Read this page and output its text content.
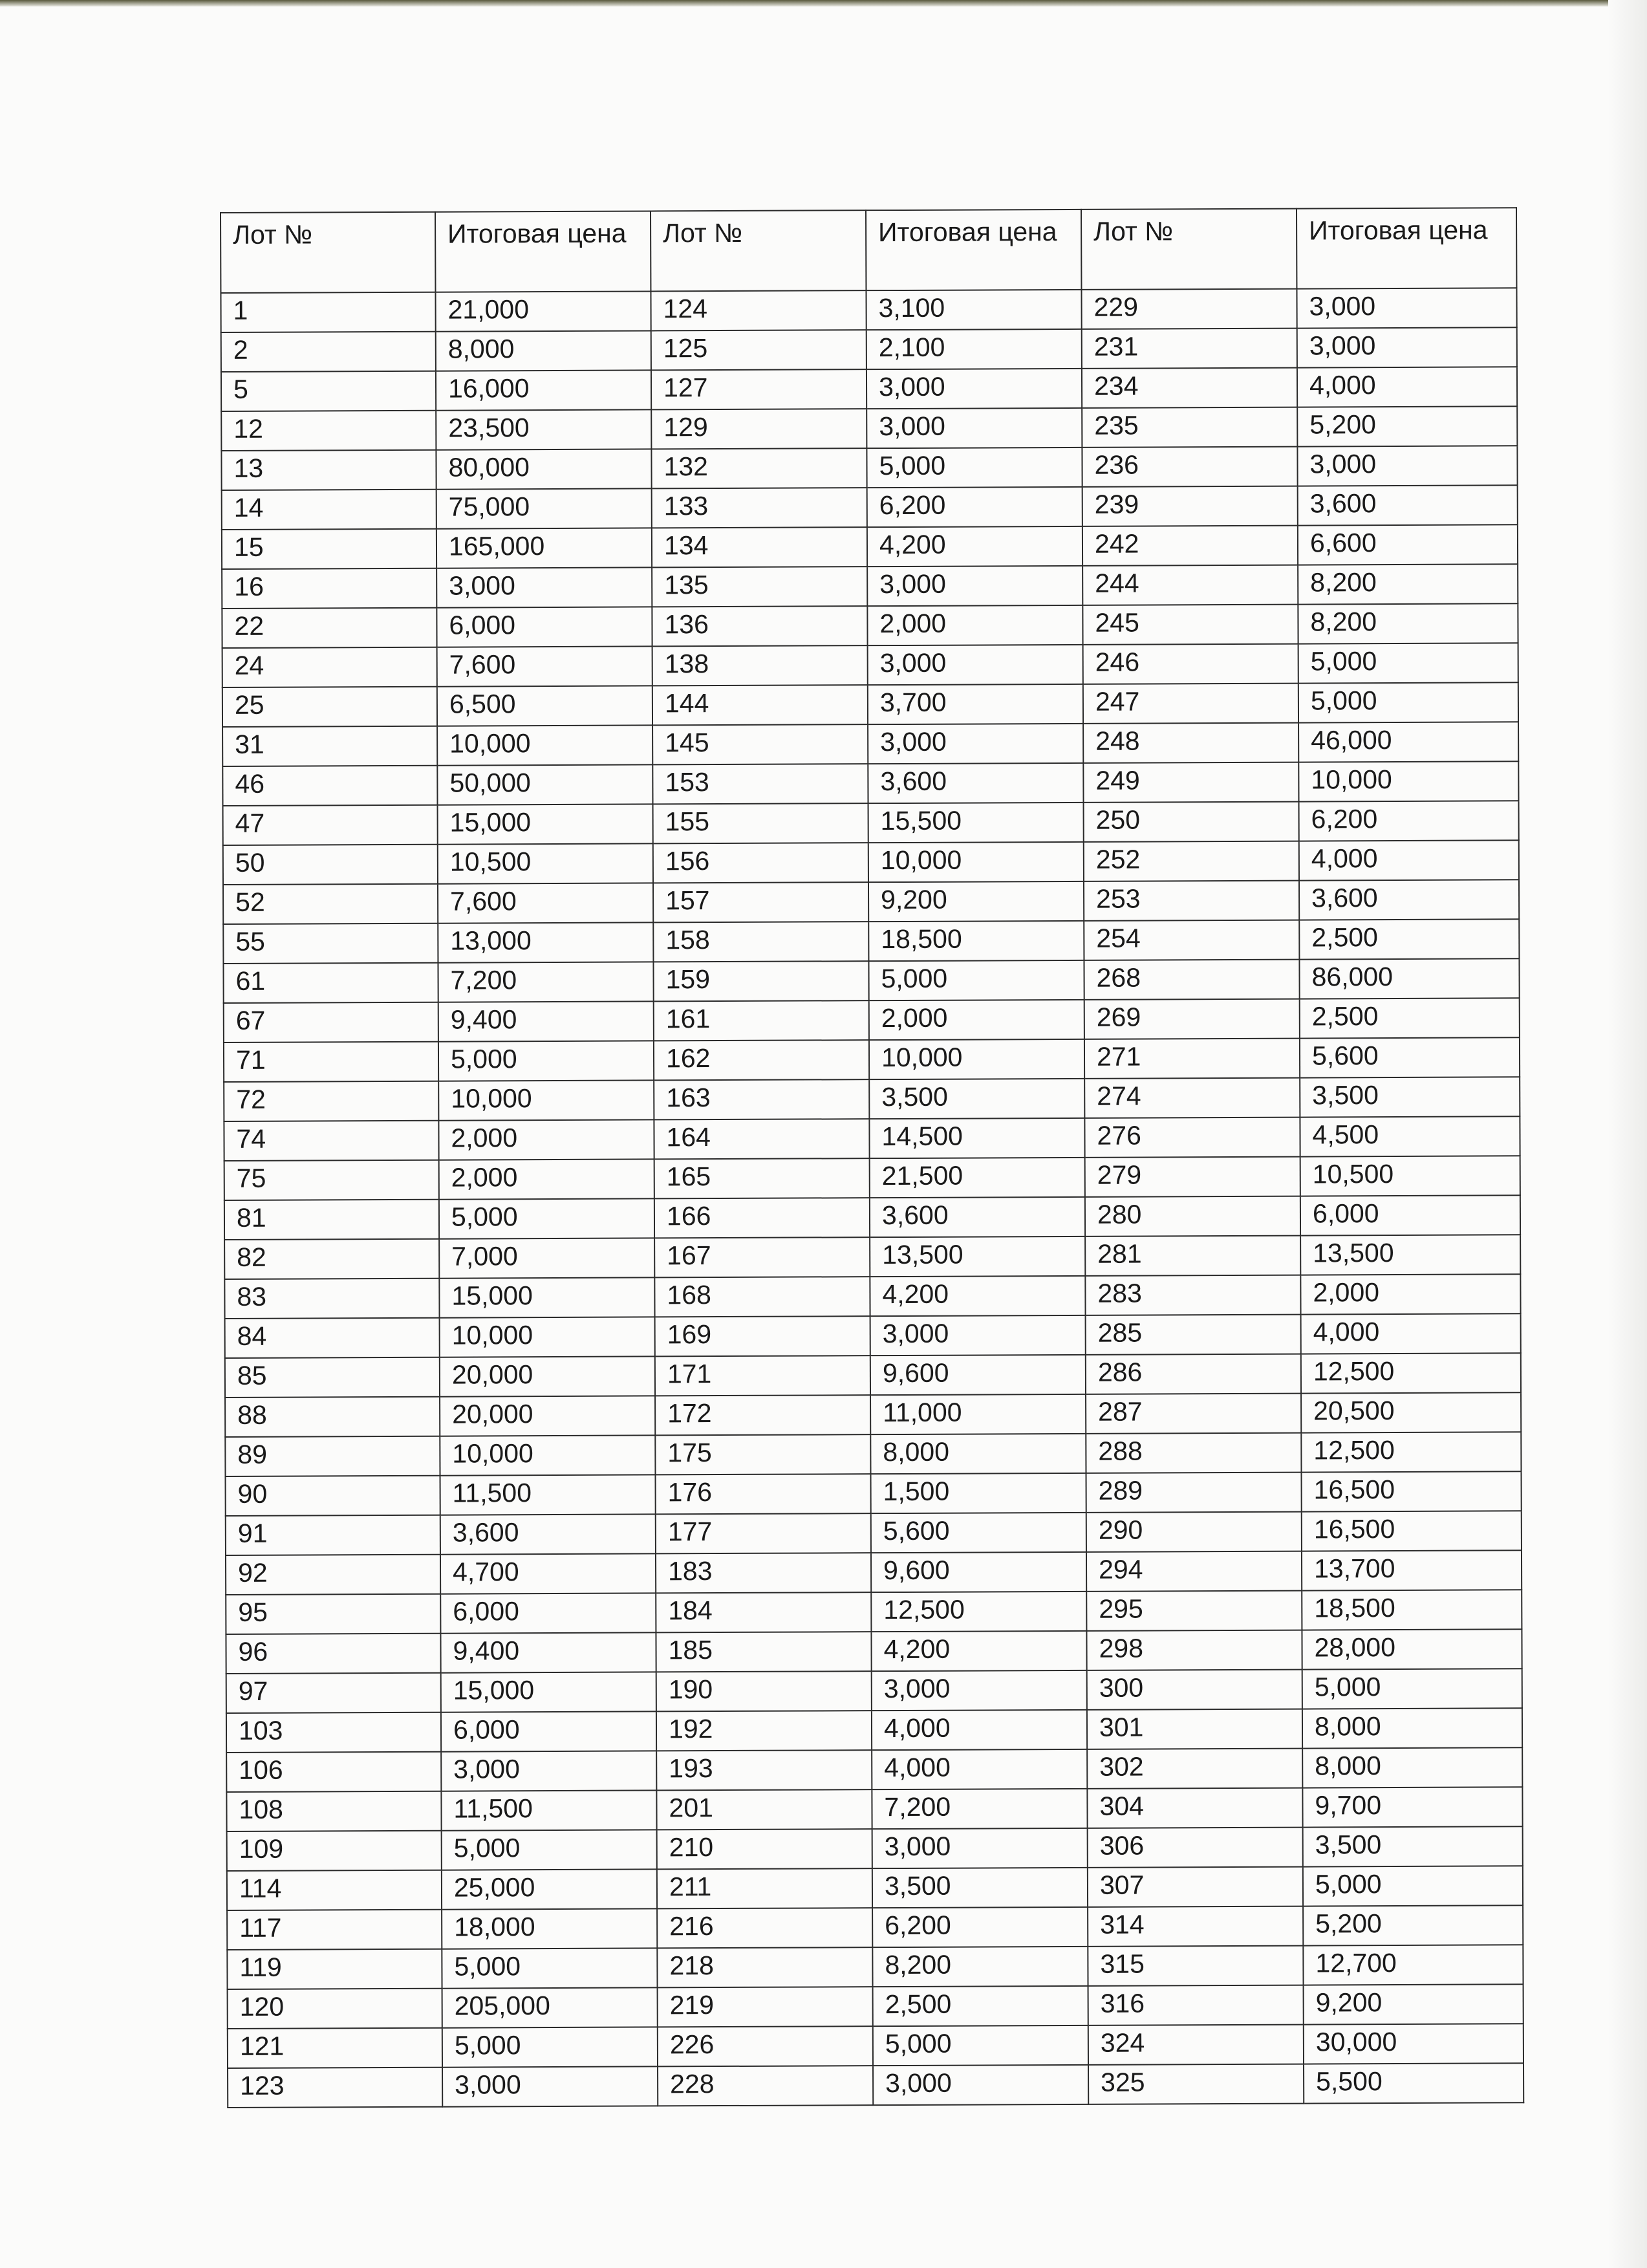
Лот №	Итоговая цена	Лот №	Итоговая цена	Лот №	Итоговая цена

1	21,000	124	3,100	229	3,000
2	8,000	125	2,100	231	3,000
5	16,000	127	3,000	234	4,000
12	23,500	129	3,000	235	5,200
13	80,000	132	5,000	236	3,000
14	75,000	133	6,200	239	3,600
15	165,000	134	4,200	242	6,600
16	3,000	135	3,000	244	8,200
22	6,000	136	2,000	245	8,200
24	7,600	138	3,000	246	5,000
25	6,500	144	3,700	247	5,000
31	10,000	145	3,000	248	46,000
46	50,000	153	3,600	249	10,000
47	15,000	155	15,500	250	6,200
50	10,500	156	10,000	252	4,000
52	7,600	157	9,200	253	3,600
55	13,000	158	18,500	254	2,500
61	7,200	159	5,000	268	86,000
67	9,400	161	2,000	269	2,500
71	5,000	162	10,000	271	5,600
72	10,000	163	3,500	274	3,500
74	2,000	164	14,500	276	4,500
75	2,000	165	21,500	279	10,500
81	5,000	166	3,600	280	6,000
82	7,000	167	13,500	281	13,500
83	15,000	168	4,200	283	2,000
84	10,000	169	3,000	285	4,000
85	20,000	171	9,600	286	12,500
88	20,000	172	11,000	287	20,500
89	10,000	175	8,000	288	12,500
90	11,500	176	1,500	289	16,500
91	3,600	177	5,600	290	16,500
92	4,700	183	9,600	294	13,700
95	6,000	184	12,500	295	18,500
96	9,400	185	4,200	298	28,000
97	15,000	190	3,000	300	5,000
103	6,000	192	4,000	301	8,000
106	3,000	193	4,000	302	8,000
108	11,500	201	7,200	304	9,700
109	5,000	210	3,000	306	3,500
114	25,000	211	3,500	307	5,000
117	18,000	216	6,200	314	5,200
119	5,000	218	8,200	315	12,700
120	205,000	219	2,500	316	9,200
121	5,000	226	5,000	324	30,000
123	3,000	228	3,000	325	5,500
